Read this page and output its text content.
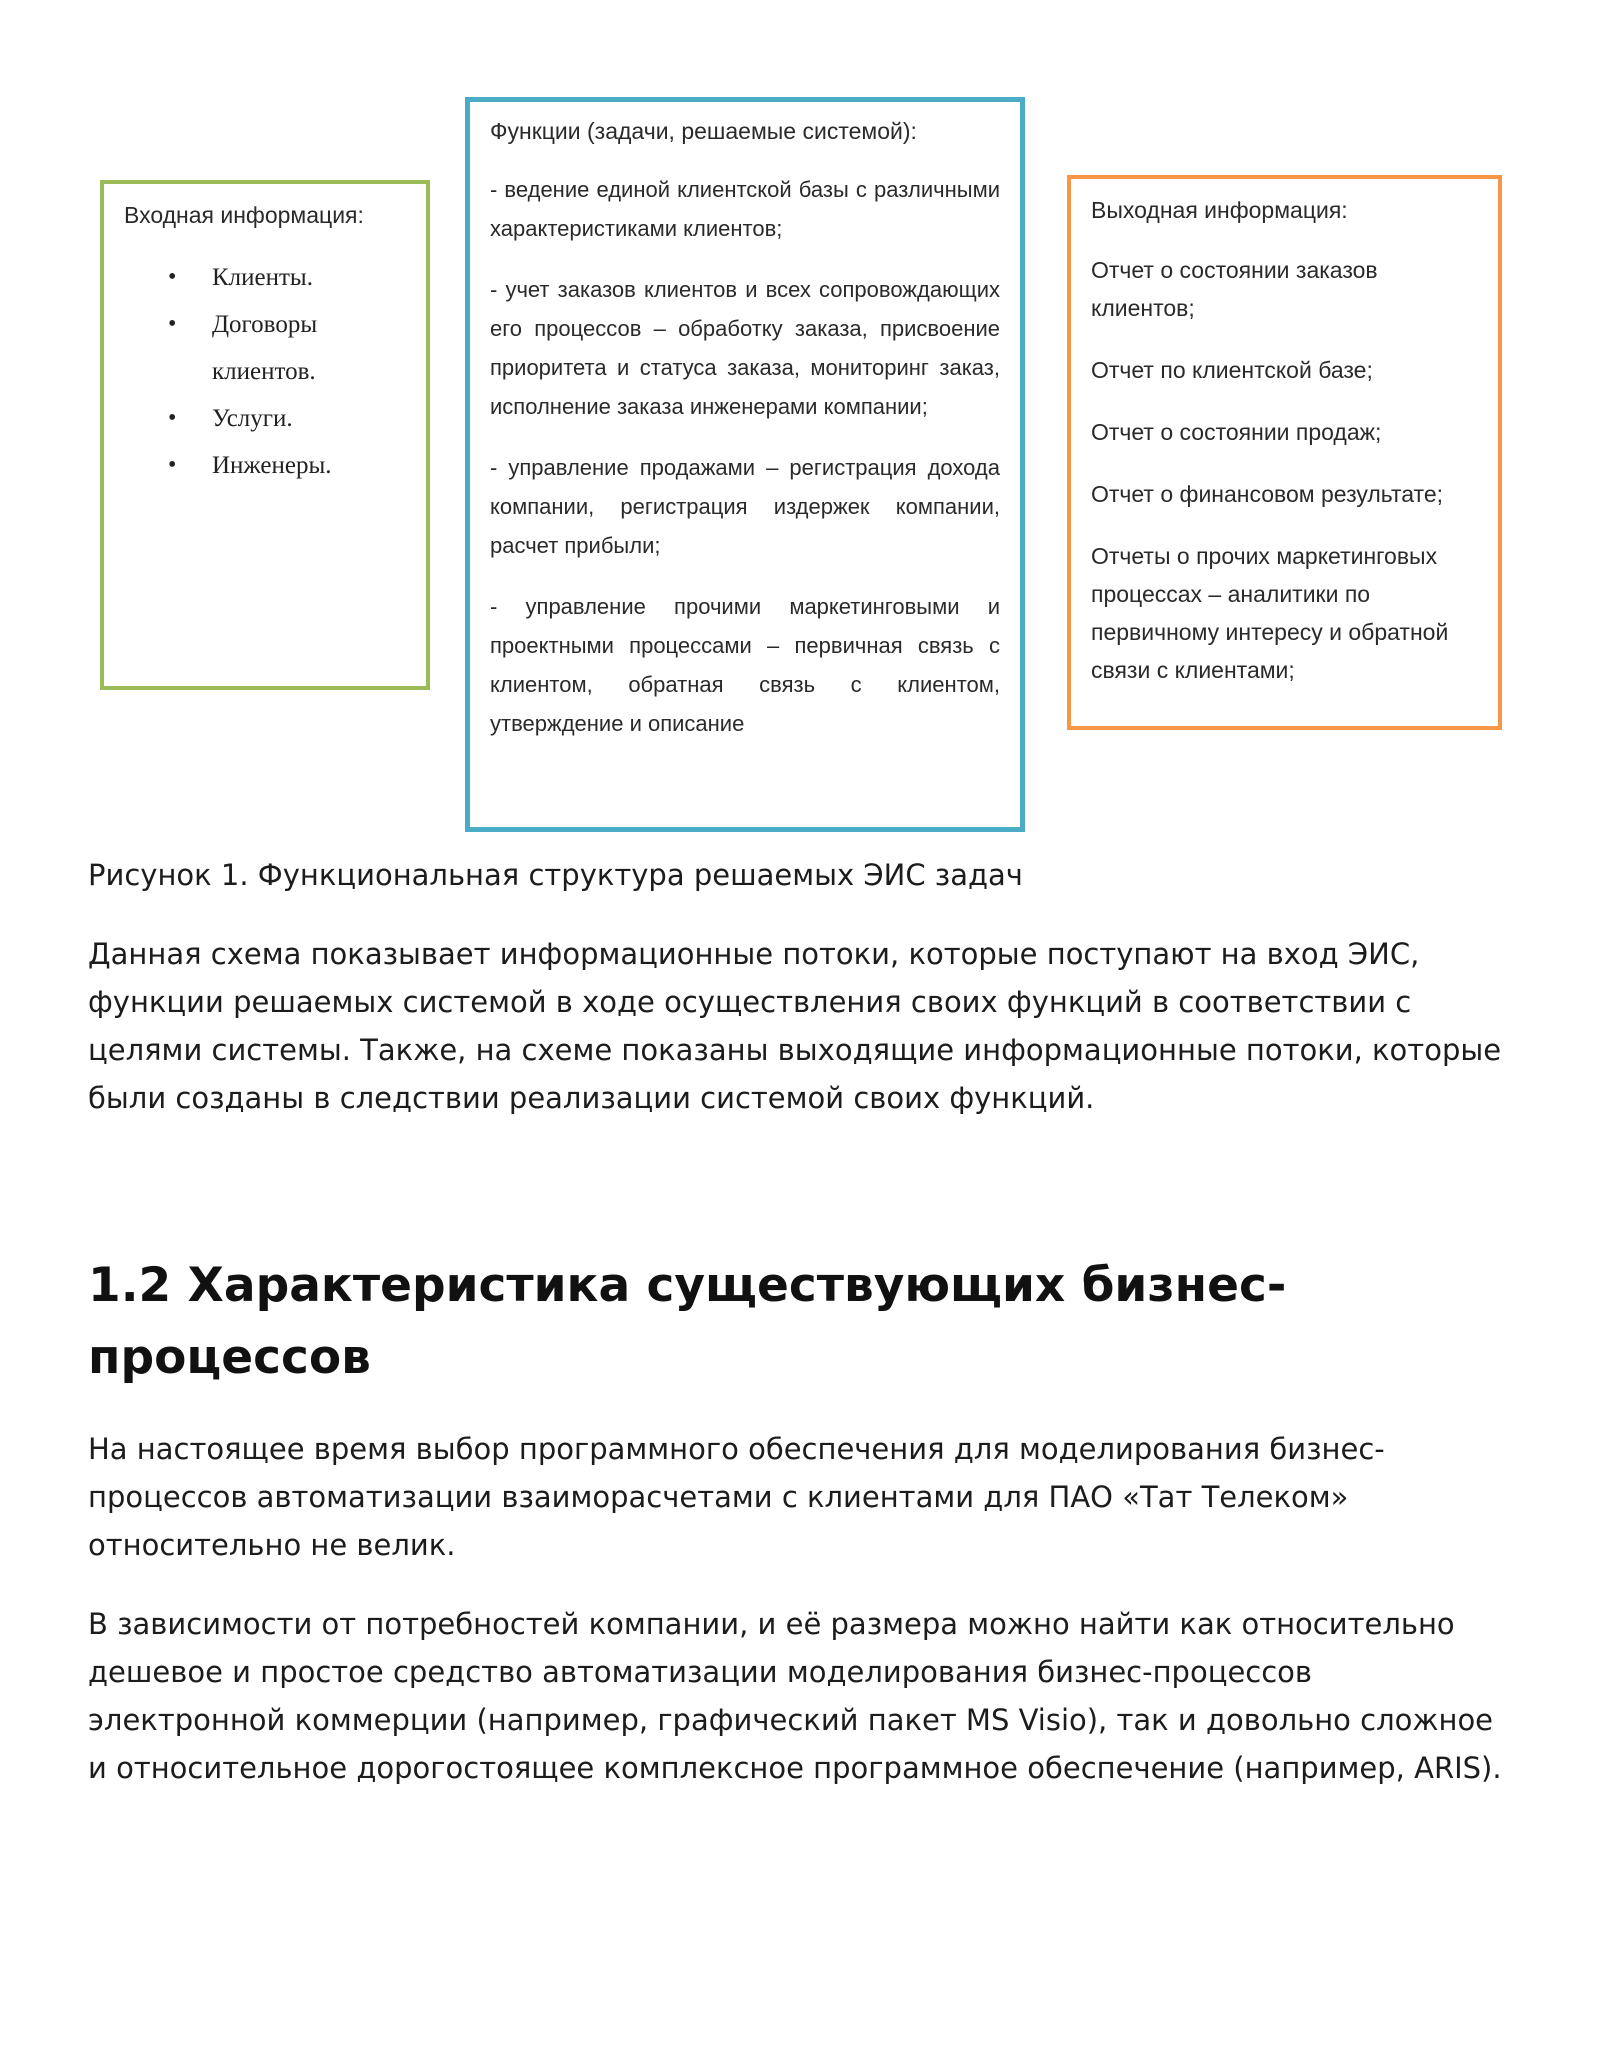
Входная информация:

• Клиенты.
• Договоры клиентов.
• Услуги.
• Инженеры.

Функции (задачи, решаемые системой):

- ведение единой клиентской базы с различными характеристиками клиентов;

- учет заказов клиентов и всех сопровождающих его процессов – обработку заказа, присвоение приоритета и статуса заказа, мониторинг заказ, исполнение заказа инженерами компании;

- управление продажами – регистрация дохода компании, регистрация издержек компании, расчет прибыли;

- управление прочими маркетинговыми и проектными процессами – первичная связь с клиентом, обратная связь с клиентом, утверждение и описание

Выходная информация:

Отчет о состоянии заказов клиентов;

Отчет по клиентской базе;

Отчет о состоянии продаж;

Отчет о финансовом результате;

Отчеты о прочих маркетинговых процессах – аналитики по первичному интересу и обратной связи с клиентами;

Рисунок 1. Функциональная структура решаемых ЭИС задач

Данная схема показывает информационные потоки, которые поступают на вход ЭИС, функции решаемых системой в ходе осуществления своих функций в соответствии с целями системы. Также, на схеме показаны выходящие информационные потоки, которые были созданы в следствии реализации системой своих функций.

1.2 Характеристика существующих бизнес-процессов

На настоящее время выбор программного обеспечения для моделирования бизнес-процессов автоматизации взаиморасчетами с клиентами для ПАО «Тат Телеком» относительно не велик.

В зависимости от потребностей компании, и её размера можно найти как относительно дешевое и простое средство автоматизации моделирования бизнес-процессов электронной коммерции (например, графический пакет MS Visio), так и довольно сложное и относительное дорогостоящее комплексное программное обеспечение (например, ARIS).
